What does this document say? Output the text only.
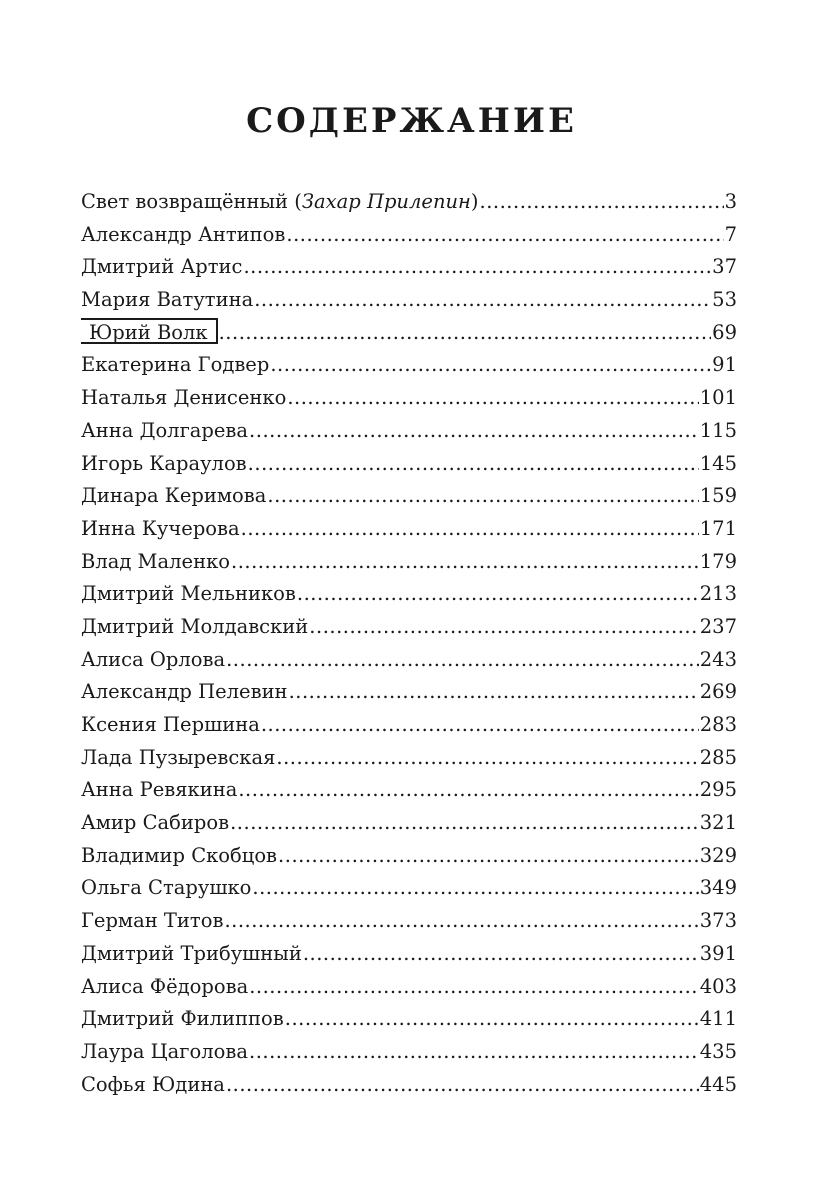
СОДЕРЖАНИЕ
Свет возвращённый (Захар Прилепин) .....	3
Александр Антипов .....	7
Дмитрий Артис .....	37
Мария Ватутина .....	53
Юрий Волк .....	69
Екатерина Годвер .....	91
Наталья Денисенко .....	101
Анна Долгарева .....	115
Игорь Караулов .....	145
Динара Керимова .....	159
Инна Кучерова .....	171
Влад Маленко .....	179
Дмитрий Мельников .....	213
Дмитрий Молдавский .....	237
Алиса Орлова .....	243
Александр Пелевин .....	269
Ксения Першина .....	283
Лада Пузыревская .....	285
Анна Ревякина .....	295
Амир Сабиров .....	321
Владимир Скобцов .....	329
Ольга Старушко .....	349
Герман Титов .....	373
Дмитрий Трибушный .....	391
Алиса Фёдорова .....	403
Дмитрий Филиппов .....	411
Лаура Цаголова .....	435
Софья Юдина .....	445
